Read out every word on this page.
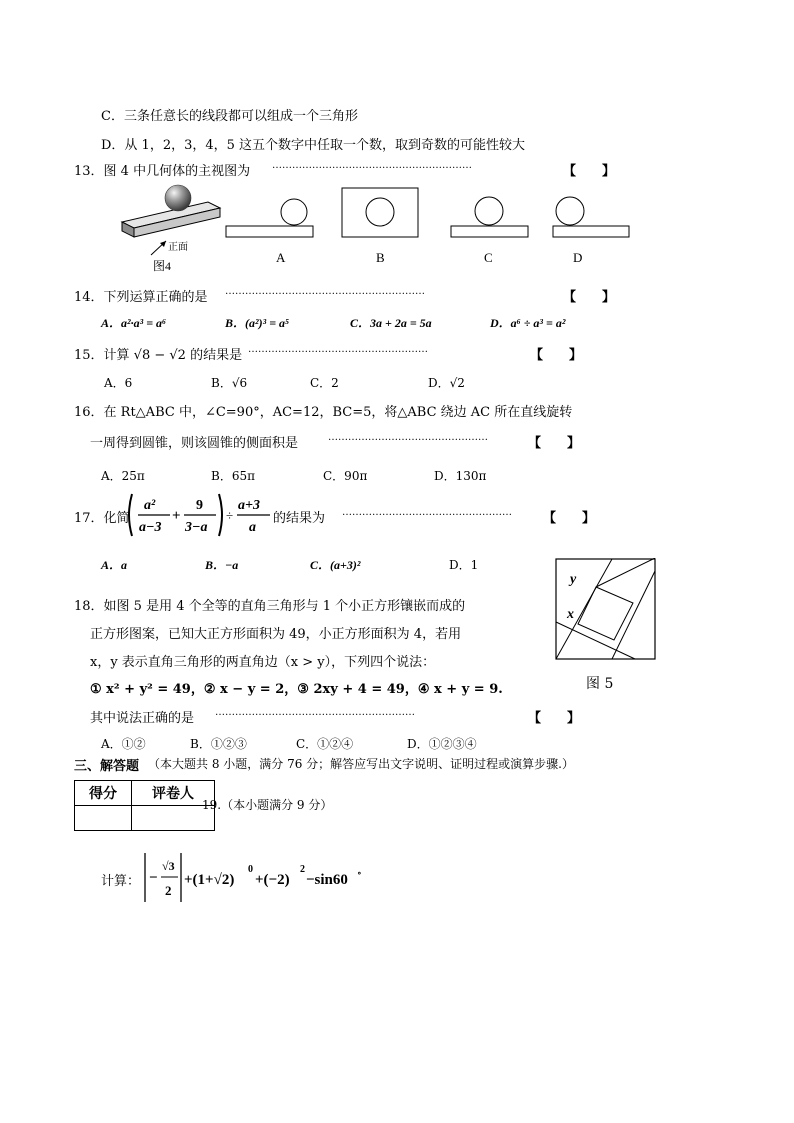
C．三条任意长的线段都可以组成一个三角形
D．从 1，2，3，4，5 这五个数字中任取一个数，取到奇数的可能性较大
13．图 4 中几何体的主视图为 ……………………………………………………	【　　】
正面
图4
A	B	C	D
14．下列运算正确的是 ……………………………………………………	【　　】
A．a²·a³ = a⁶	B．(a²)³ = a⁵	C．3a + 2a = 5a	D．a⁶ ÷ a³ = a²
15．计算 √8 − √2 的结果是 ………………………………………………	【　　】
A．6	B．√6	C．2	D．√2
16．在 Rt△ABC 中，∠C=90°，AC=12，BC=5，将△ABC 绕边 AC 所在直线旋转
一周得到圆锥，则该圆锥的侧面积是	…………………………………………	【　　】
A．25π	B．65π	C．90π	D．130π
17．化简
a²
a−3
+
9
3−a
÷
a+3
a
的结果为 …………………………………………… 【　　】
A．a	B．−a	C．(a+3)²	D．1
y
x
图 5
18．如图 5 是用 4 个全等的直角三角形与 1 个小正方形镶嵌而成的
正方形图案，已知大正方形面积为 49，小正方形面积为 4，若用
x，y 表示直角三角形的两直角边（x > y），下列四个说法：
① x² + y² = 49，② x − y = 2，③ 2xy + 4 = 49，④ x + y = 9.
其中说法正确的是 ……………………………………………………	【　　】
A．①②	B．①②③	C．①②④	D．①②③④
三、解答题 （本大题共 8 小题，满分 76 分；解答应写出文字说明、证明过程或演算步骤.）
得分	评卷人

19.（本小题满分 9 分）
计算： −
√3
2
+(1+√2)
0
+(−2)
2
−sin60 ∘
